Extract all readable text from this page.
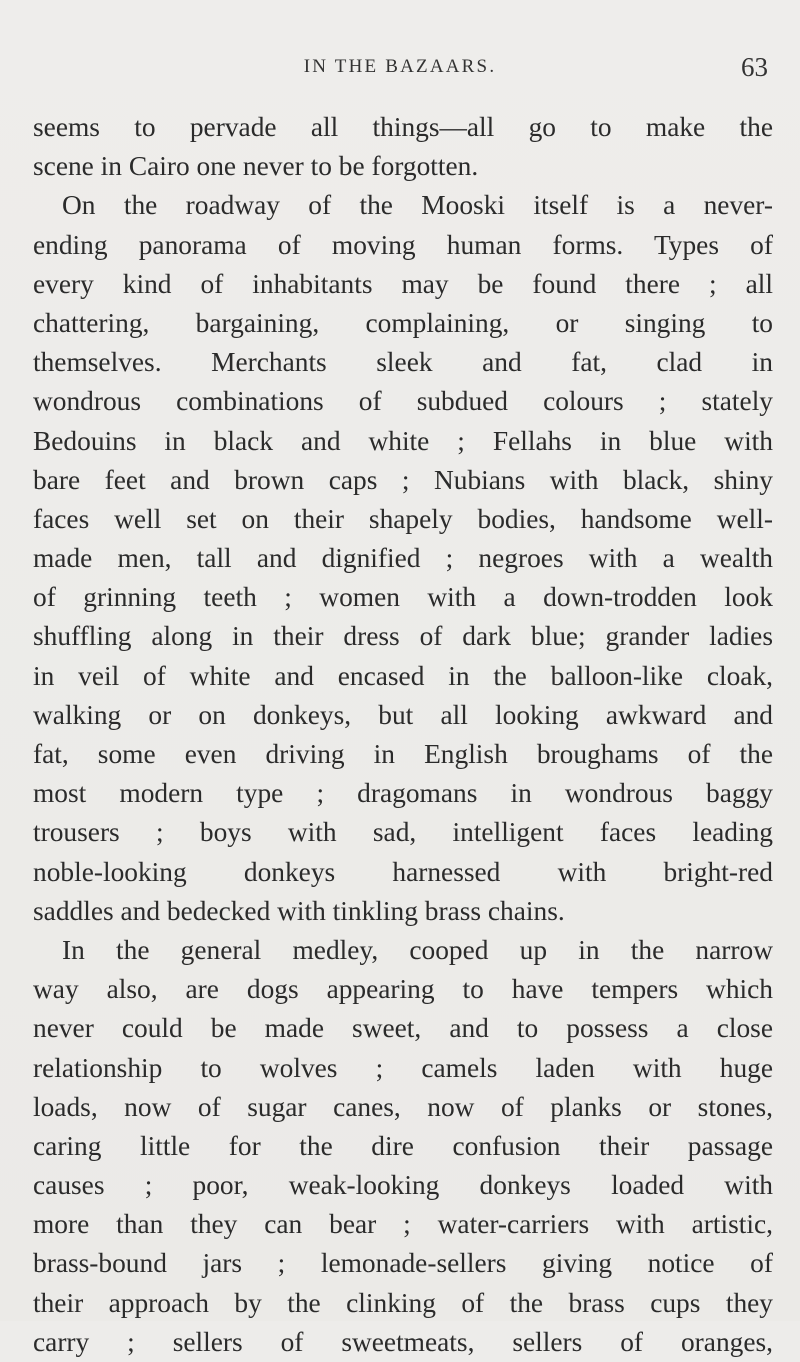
IN THE BAZAARS.	63
seems to pervade all things—all go to make the
scene in Cairo one never to be forgotten.
On the roadway of the Mooski itself is a never-
ending panorama of moving human forms. Types of
every kind of inhabitants may be found there ; all
chattering, bargaining, complaining, or singing to
themselves. Merchants sleek and fat, clad in
wondrous combinations of subdued colours ; stately
Bedouins in black and white ; Fellahs in blue with
bare feet and brown caps ; Nubians with black, shiny
faces well set on their shapely bodies, handsome well-
made men, tall and dignified ; negroes with a wealth
of grinning teeth ; women with a down-trodden look
shuffling along in their dress of dark blue; grander ladies
in veil of white and encased in the balloon-like cloak,
walking or on donkeys, but all looking awkward and
fat, some even driving in English broughams of the
most modern type ; dragomans in wondrous baggy
trousers ; boys with sad, intelligent faces leading
noble-looking donkeys harnessed with bright-red
saddles and bedecked with tinkling brass chains.
In the general medley, cooped up in the narrow
way also, are dogs appearing to have tempers which
never could be made sweet, and to possess a close
relationship to wolves ; camels laden with huge
loads, now of sugar canes, now of planks or stones,
caring little for the dire confusion their passage
causes ; poor, weak-looking donkeys loaded with
more than they can bear ; water-carriers with artistic,
brass-bound jars ; lemonade-sellers giving notice of
their approach by the clinking of the brass cups they
carry ; sellers of sweetmeats, sellers of oranges,
